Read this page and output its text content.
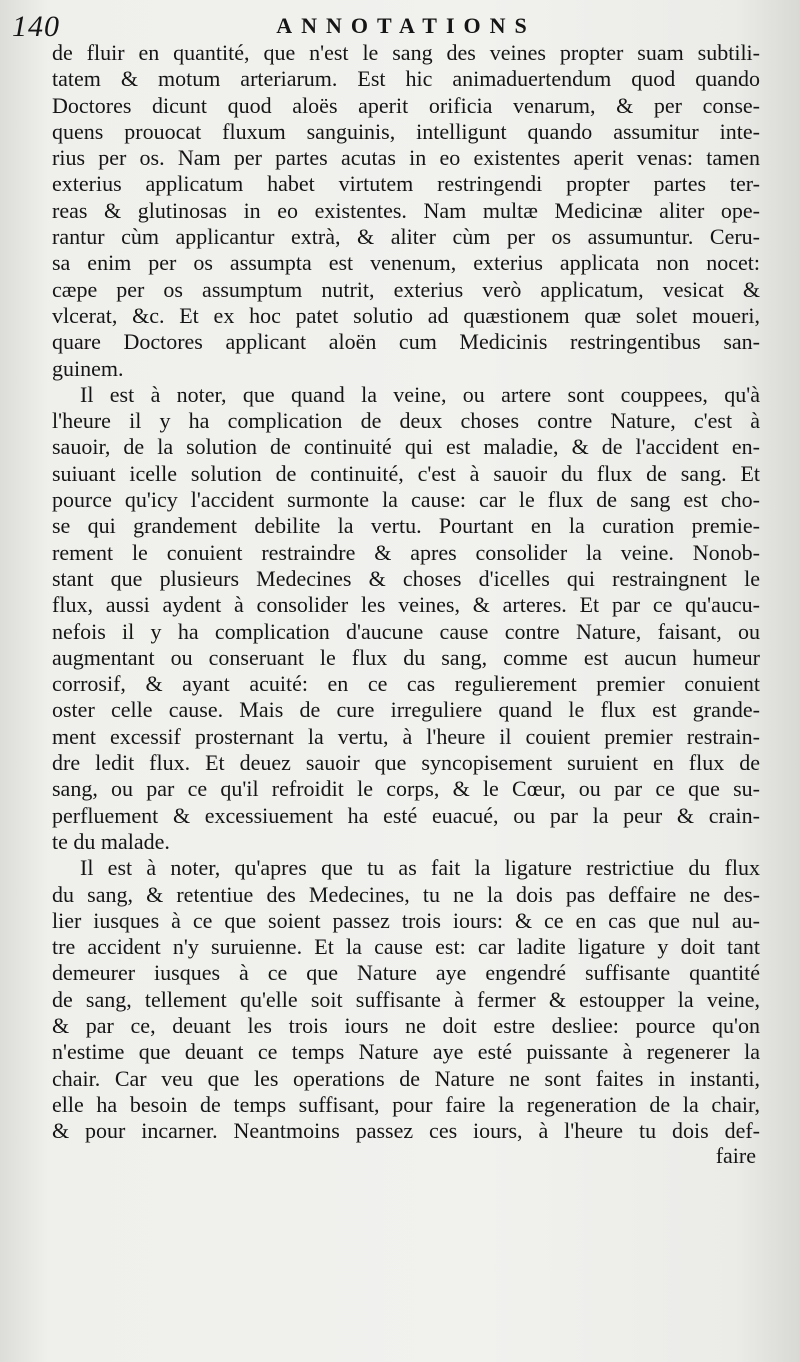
140	ANNOTATIONS
de fluir en quantité, que n'est le sang des veines propter suam subtili-
tatem & motum arteriarum. Est hic animaduertendum quod quando
Doctores dicunt quod aloës aperit orificia venarum, & per conse-
quens prouocat fluxum sanguinis, intelligunt quando assumitur inte-
rius per os. Nam per partes acutas in eo existentes aperit venas: tamen
exterius applicatum habet virtutem restringendi propter partes ter-
reas & glutinosas in eo existentes. Nam multæ Medicinæ aliter ope-
rantur cùm applicantur extrà, & aliter cùm per os assumuntur. Ceru-
sa enim per os assumpta est venenum, exterius applicata non nocet:
cæpe per os assumptum nutrit, exterius verò applicatum, vesicat &
vlcerat, &c. Et ex hoc patet solutio ad quæstionem quæ solet moueri,
quare Doctores applicant aloën cum Medicinis restringentibus san-
guinem.
Il est à noter, que quand la veine, ou artere sont couppees, qu'à
l'heure il y ha complication de deux choses contre Nature, c'est à
sauoir, de la solution de continuité qui est maladie, & de l'accident en-
suiuant icelle solution de continuité, c'est à sauoir du flux de sang. Et
pource qu'icy l'accident surmonte la cause: car le flux de sang est cho-
se qui grandement debilite la vertu. Pourtant en la curation premie-
rement le conuient restraindre & apres consolider la veine. Nonob-
stant que plusieurs Medecines & choses d'icelles qui restraingnent le
flux, aussi aydent à consolider les veines, & arteres. Et par ce qu'aucu-
nefois il y ha complication d'aucune cause contre Nature, faisant, ou
augmentant ou conseruant le flux du sang, comme est aucun humeur
corrosif, & ayant acuité: en ce cas regulierement premier conuient
oster celle cause. Mais de cure irreguliere quand le flux est grande-
ment excessif prosternant la vertu, à l'heure il couient premier restrain-
dre ledit flux. Et deuez sauoir que syncopisement suruient en flux de
sang, ou par ce qu'il refroidit le corps, & le Cœur, ou par ce que su-
perfluement & excessiuement ha esté euacué, ou par la peur & crain-
te du malade.
Il est à noter, qu'apres que tu as fait la ligature restrictiue du flux
du sang, & retentiue des Medecines, tu ne la dois pas deffaire ne des-
lier iusques à ce que soient passez trois iours: & ce en cas que nul au-
tre accident n'y suruienne. Et la cause est: car ladite ligature y doit tant
demeurer iusques à ce que Nature aye engendré suffisante quantité
de sang, tellement qu'elle soit suffisante à fermer & estoupper la veine,
& par ce, deuant les trois iours ne doit estre desliee: pource qu'on
n'estime que deuant ce temps Nature aye esté puissante à regenerer la
chair. Car veu que les operations de Nature ne sont faites in instanti,
elle ha besoin de temps suffisant, pour faire la regeneration de la chair,
& pour incarner. Neantmoins passez ces iours, à l'heure tu dois def-
faire
